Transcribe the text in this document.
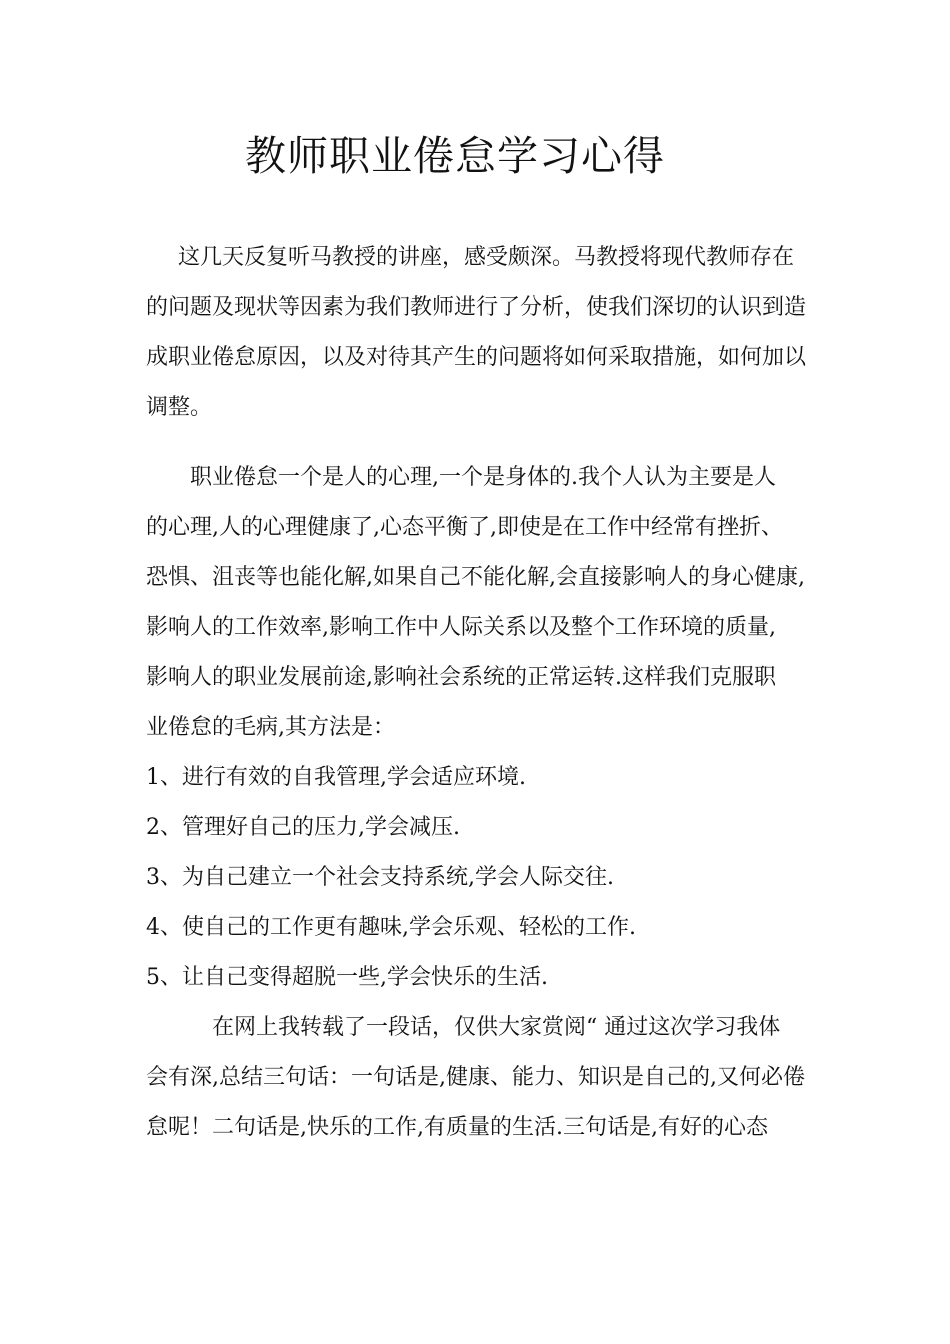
教师职业倦怠学习心得

这几天反复听马教授的讲座，感受颇深。马教授将现代教师存在

的问题及现状等因素为我们教师进行了分析，使我们深切的认识到造

成职业倦怠原因，以及对待其产生的问题将如何采取措施，如何加以

调整。

职业倦怠一个是人的心理,一个是身体的.我个人认为主要是人

的心理,人的心理健康了,心态平衡了,即使是在工作中经常有挫折、

恐惧、沮丧等也能化解,如果自己不能化解,会直接影响人的身心健康,

影响人的工作效率,影响工作中人际关系以及整个工作环境的质量,

影响人的职业发展前途,影响社会系统的正常运转.这样我们克服职

业倦怠的毛病,其方法是：

1、进行有效的自我管理,学会适应环境.

2、管理好自己的压力,学会减压.

3、为自己建立一个社会支持系统,学会人际交往.

4、使自己的工作更有趣味,学会乐观、轻松的工作.

5、让自己变得超脱一些,学会快乐的生活.

在网上我转载了一段话，仅供大家赏阅“ 通过这次学习我体

会有深,总结三句话：一句话是,健康、能力、知识是自己的,又何必倦

怠呢！二句话是,快乐的工作,有质量的生活.三句话是,有好的心态
